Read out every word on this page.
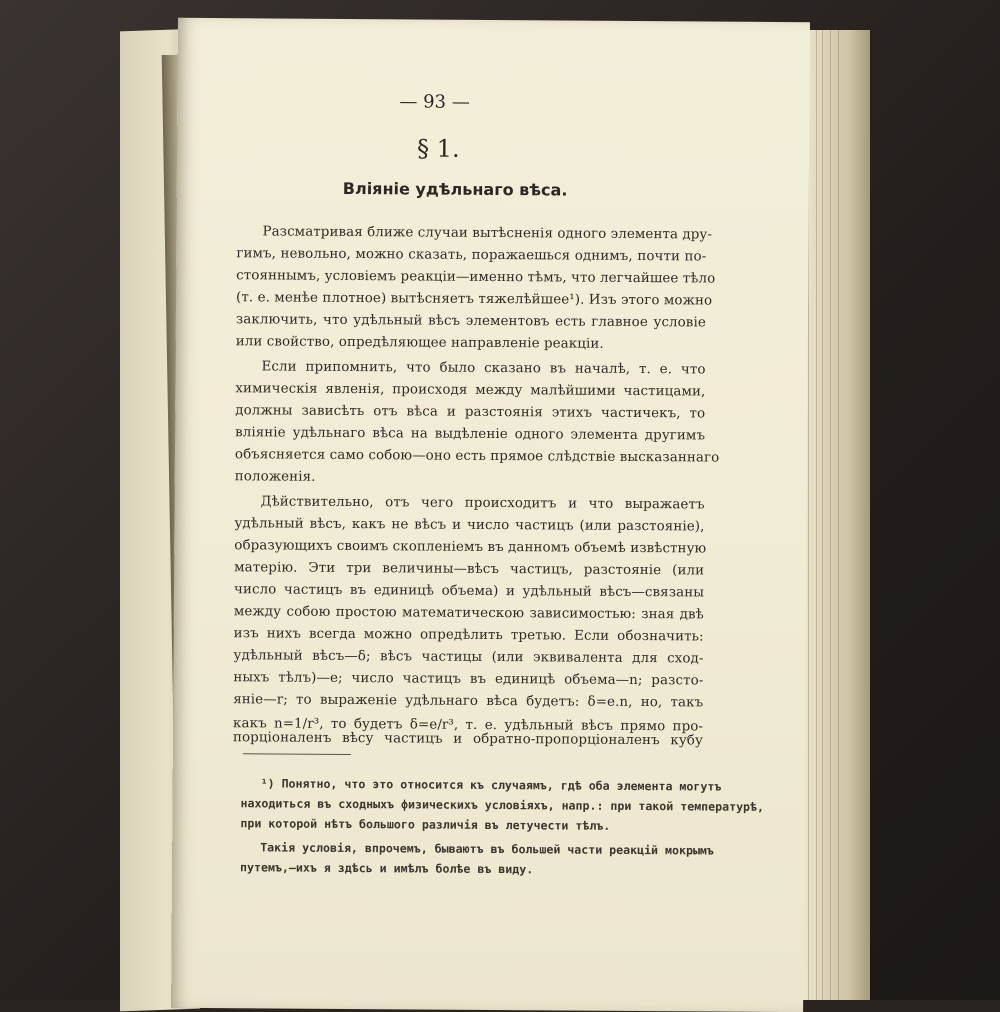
— 93 —
§ 1.
Вліяніе удѣльнаго вѣса.
Разсматривая ближе случаи вытѣсненія одного элемента дру-
гимъ, невольно, можно сказать, поражаешься однимъ, почти по-
стояннымъ, условіемъ реакціи—именно тѣмъ, что легчайшее тѣло
(т. е. менѣе плотное) вытѣсняетъ тяжелѣйшее¹). Изъ этого можно
заключить, что удѣльный вѣсъ элементовъ есть главное условіе
или свойство, опредѣляющее направленіе реакціи.
Если припомнить, что было сказано въ началѣ, т. е. что
химическія явленія, происходя между малѣйшими частицами,
должны зависѣть отъ вѣса и разстоянія этихъ частичекъ, то
вліяніе удѣльнаго вѣса на выдѣленіе одного элемента другимъ
объясняется само собою—оно есть прямое слѣдствіе высказаннаго
положенія.
Дѣйствительно, отъ чего происходитъ и что выражаетъ
удѣльный вѣсъ, какъ не вѣсъ и число частицъ (или разстояніе),
образующихъ своимъ скопленіемъ въ данномъ объемѣ извѣстную
матерію. Эти три величины—вѣсъ частицъ, разстояніе (или
число частицъ въ единицѣ объема) и удѣльный вѣсъ—связаны
между собою простою математическою зависимостью: зная двѣ
изъ нихъ всегда можно опредѣлить третью. Если обозначить:
удѣльный вѣсъ—δ; вѣсъ частицы (или эквивалента для сход-
ныхъ тѣлъ)—e; число частицъ въ единицѣ объема—n; разсто-
яніе—r; то выраженіе удѣльнаго вѣса будетъ: δ=e.n, но, такъ
какъ n=1/r³, то будетъ δ=e/r³, т. е. удѣльный вѣсъ прямо про-
порціоналенъ вѣсу частицъ и обратно-пропорціоналенъ кубу
¹) Понятно, что это относится къ случаямъ, гдѣ оба элемента могутъ
находиться въ сходныхъ физическихъ условіяхъ, напр.: при такой температурѣ,
при которой нѣтъ большого различія въ летучести тѣлъ.
Такія условія, впрочемъ, бываютъ въ большей части реакцій мокрымъ
путемъ,—ихъ я здѣсь и имѣлъ болѣе въ виду.
